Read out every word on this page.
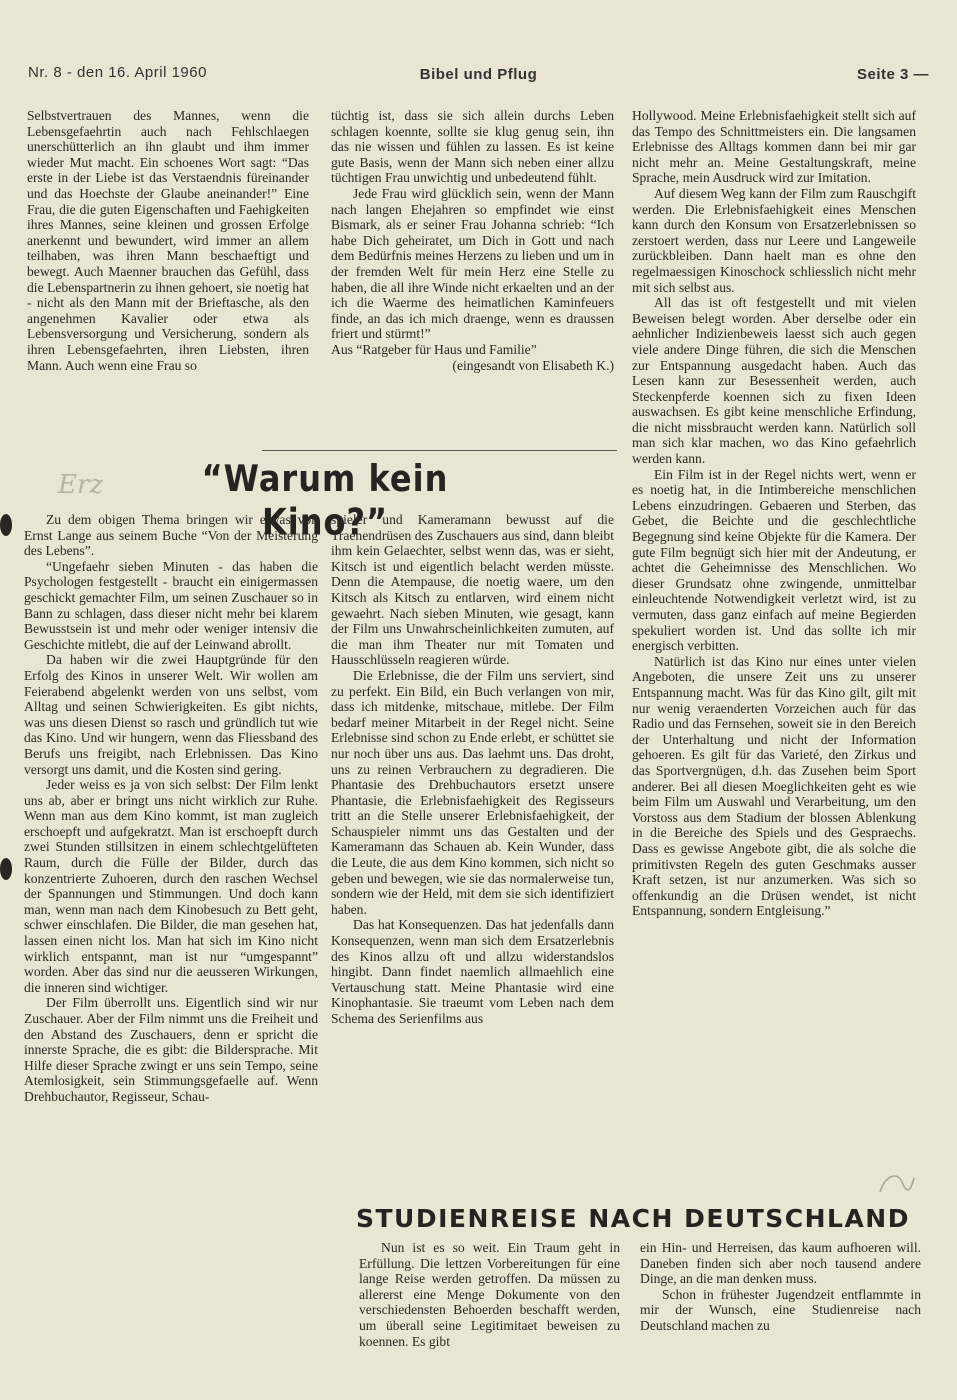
Nr. 8 - den 16. April 1960	Bibel und Pflug	Seite 3 —

Selbstvertrauen des Mannes, wenn die Lebensgefaehrtin auch nach Fehlschlaegen unerschütterlich an ihn glaubt und ihm immer wieder Mut macht. Ein schoenes Wort sagt: “Das erste in der Liebe ist das Verstaendnis füreinander und das Hoechste der Glaube aneinander!” Eine Frau, die die guten Eigenschaften und Faehigkeiten ihres Mannes, seine kleinen und grossen Erfolge anerkennt und bewundert, wird immer an allem teilhaben, was ihren Mann beschaeftigt und bewegt. Auch Maenner brauchen das Gefühl, dass die Lebenspartnerin zu ihnen gehoert, sie noetig hat - nicht als den Mann mit der Brieftasche, als den angenehmen Kavalier oder etwa als Lebensversorgung und Versicherung, sondern als ihren Lebensgefaehrten, ihren Liebsten, ihren Mann. Auch wenn eine Frau so

tüchtig ist, dass sie sich allein durchs Leben schlagen koennte, sollte sie klug genug sein, ihn das nie wissen und fühlen zu lassen. Es ist keine gute Basis, wenn der Mann sich neben einer allzu tüchtigen Frau unwichtig und unbedeutend fühlt.

Jede Frau wird glücklich sein, wenn der Mann nach langen Ehejahren so empfindet wie einst Bismark, als er seiner Frau Johanna schrieb: “Ich habe Dich geheiratet, um Dich in Gott und nach dem Bedürfnis meines Herzens zu lieben und um in der fremden Welt für mein Herz eine Stelle zu haben, die all ihre Winde nicht erkaelten und an der ich die Waerme des heimatlichen Kaminfeuers finde, an das ich mich draenge, wenn es draussen friert und stürmt!”

Aus “Ratgeber für Haus und Familie”

(eingesandt von Elisabeth K.)

Erz	“Warum kein Kino?”

Zu dem obigen Thema bringen wir etwas von Ernst Lange aus seinem Buche “Von der Meisterung des Lebens”.

“Ungefaehr sieben Minuten - das haben die Psychologen festgestellt - braucht ein einigermassen geschickt gemachter Film, um seinen Zuschauer so in Bann zu schlagen, dass dieser nicht mehr bei klarem Bewusstsein ist und mehr oder weniger intensiv die Geschichte mitlebt, die auf der Leinwand abrollt.

Da haben wir die zwei Hauptgründe für den Erfolg des Kinos in unserer Welt. Wir wollen am Feierabend abgelenkt werden von uns selbst, vom Alltag und seinen Schwierigkeiten. Es gibt nichts, was uns diesen Dienst so rasch und gründlich tut wie das Kino. Und wir hungern, wenn das Fliessband des Berufs uns freigibt, nach Erlebnissen. Das Kino versorgt uns damit, und die Kosten sind gering.

Jeder weiss es ja von sich selbst: Der Film lenkt uns ab, aber er bringt uns nicht wirklich zur Ruhe. Wenn man aus dem Kino kommt, ist man zugleich erschoepft und aufgekratzt. Man ist erschoepft durch zwei Stunden stillsitzen in einem schlechtgelüfteten Raum, durch die Fülle der Bilder, durch das konzentrierte Zuhoeren, durch den raschen Wechsel der Spannungen und Stimmungen. Und doch kann man, wenn man nach dem Kinobesuch zu Bett geht, schwer einschlafen. Die Bilder, die man gesehen hat, lassen einen nicht los. Man hat sich im Kino nicht wirklich entspannt, man ist nur “umgespannt” worden. Aber das sind nur die aeusseren Wirkungen, die inneren sind wichtiger.

Der Film überrollt uns. Eigentlich sind wir nur Zuschauer. Aber der Film nimmt uns die Freiheit und den Abstand des Zuschauers, denn er spricht die innerste Sprache, die es gibt: die Bildersprache. Mit Hilfe dieser Sprache zwingt er uns sein Tempo, seine Atemlosigkeit, sein Stimmungsgefaelle auf. Wenn Drehbuchautor, Regisseur, Schau-

spieler und Kameramann bewusst auf die Traenendrüsen des Zuschauers aus sind, dann bleibt ihm kein Gelaechter, selbst wenn das, was er sieht, Kitsch ist und eigentlich belacht werden müsste. Denn die Atempause, die noetig waere, um den Kitsch als Kitsch zu entlarven, wird einem nicht gewaehrt. Nach sieben Minuten, wie gesagt, kann der Film uns Unwahrscheinlichkeiten zumuten, auf die man ihm Theater nur mit Tomaten und Hausschlüsseln reagieren würde.

Die Erlebnisse, die der Film uns serviert, sind zu perfekt. Ein Bild, ein Buch verlangen von mir, dass ich mitdenke, mitschaue, mitlebe. Der Film bedarf meiner Mitarbeit in der Regel nicht. Seine Erlebnisse sind schon zu Ende erlebt, er schüttet sie nur noch über uns aus. Das laehmt uns. Das droht, uns zu reinen Verbrauchern zu degradieren. Die Phantasie des Drehbuchautors ersetzt unsere Phantasie, die Erlebnisfaehigkeit des Regisseurs tritt an die Stelle unserer Erlebnisfaehigkeit, der Schauspieler nimmt uns das Gestalten und der Kameramann das Schauen ab. Kein Wunder, dass die Leute, die aus dem Kino kommen, sich nicht so geben und bewegen, wie sie das normalerweise tun, sondern wie der Held, mit dem sie sich identifiziert haben.

Das hat Konsequenzen. Das hat jedenfalls dann Konsequenzen, wenn man sich dem Ersatzerlebnis des Kinos allzu oft und allzu widerstandslos hingibt. Dann findet naemlich allmaehlich eine Vertauschung statt. Meine Phantasie wird eine Kinophantasie. Sie traeumt vom Leben nach dem Schema des Serienfilms aus

Hollywood. Meine Erlebnisfaehigkeit stellt sich auf das Tempo des Schnittmeisters ein. Die langsamen Erlebnisse des Alltags kommen dann bei mir gar nicht mehr an. Meine Gestaltungskraft, meine Sprache, mein Ausdruck wird zur Imitation.

Auf diesem Weg kann der Film zum Rauschgift werden. Die Erlebnisfaehigkeit eines Menschen kann durch den Konsum von Ersatzerlebnissen so zerstoert werden, dass nur Leere und Langeweile zurückbleiben. Dann haelt man es ohne den regelmaessigen Kinoschock schliesslich nicht mehr mit sich selbst aus.

All das ist oft festgestellt und mit vielen Beweisen belegt worden. Aber derselbe oder ein aehnlicher Indizienbeweis laesst sich auch gegen viele andere Dinge führen, die sich die Menschen zur Entspannung ausgedacht haben. Auch das Lesen kann zur Besessenheit werden, auch Steckenpferde koennen sich zu fixen Ideen auswachsen. Es gibt keine menschliche Erfindung, die nicht missbraucht werden kann. Natürlich soll man sich klar machen, wo das Kino gefaehrlich werden kann.

Ein Film ist in der Regel nichts wert, wenn er es noetig hat, in die Intimbereiche menschlichen Lebens einzudringen. Gebaeren und Sterben, das Gebet, die Beichte und die geschlechtliche Begegnung sind keine Objekte für die Kamera. Der gute Film begnügt sich hier mit der Andeutung, er achtet die Geheimnisse des Menschlichen. Wo dieser Grundsatz ohne zwingende, unmittelbar einleuchtende Notwendigkeit verletzt wird, ist zu vermuten, dass ganz einfach auf meine Begierden spekuliert worden ist. Und das sollte ich mir energisch verbitten.

Natürlich ist das Kino nur eines unter vielen Angeboten, die unsere Zeit uns zu unserer Entspannung macht. Was für das Kino gilt, gilt mit nur wenig veraenderten Vorzeichen auch für das Radio und das Fernsehen, soweit sie in den Bereich der Unterhaltung und nicht der Information gehoeren. Es gilt für das Varieté, den Zirkus und das Sportvergnügen, d.h. das Zusehen beim Sport anderer. Bei all diesen Moeglichkeiten geht es wie beim Film um Auswahl und Verarbeitung, um den Vorstoss aus dem Stadium der blossen Ablenkung in die Bereiche des Spiels und des Gespraechs. Dass es gewisse Angebote gibt, die als solche die primitivsten Regeln des guten Geschmaks ausser Kraft setzen, ist nur anzumerken. Was sich so offenkundig an die Drüsen wendet, ist nicht Entspannung, sondern Entgleisung.”

STUDIENREISE NACH DEUTSCHLAND

Nun ist es so weit. Ein Traum geht in Erfüllung. Die lettzen Vorbereitungen für eine lange Reise werden getroffen. Da müssen zu allererst eine Menge Dokumente von den verschiedensten Behoerden beschafft werden, um überall seine Legitimitaet beweisen zu koennen. Es gibt

ein Hin- und Herreisen, das kaum aufhoeren will. Daneben finden sich aber noch tausend andere Dinge, an die man denken muss.

Schon in frühester Jugendzeit entflammte in mir der Wunsch, eine Studienreise nach Deutschland machen zu
